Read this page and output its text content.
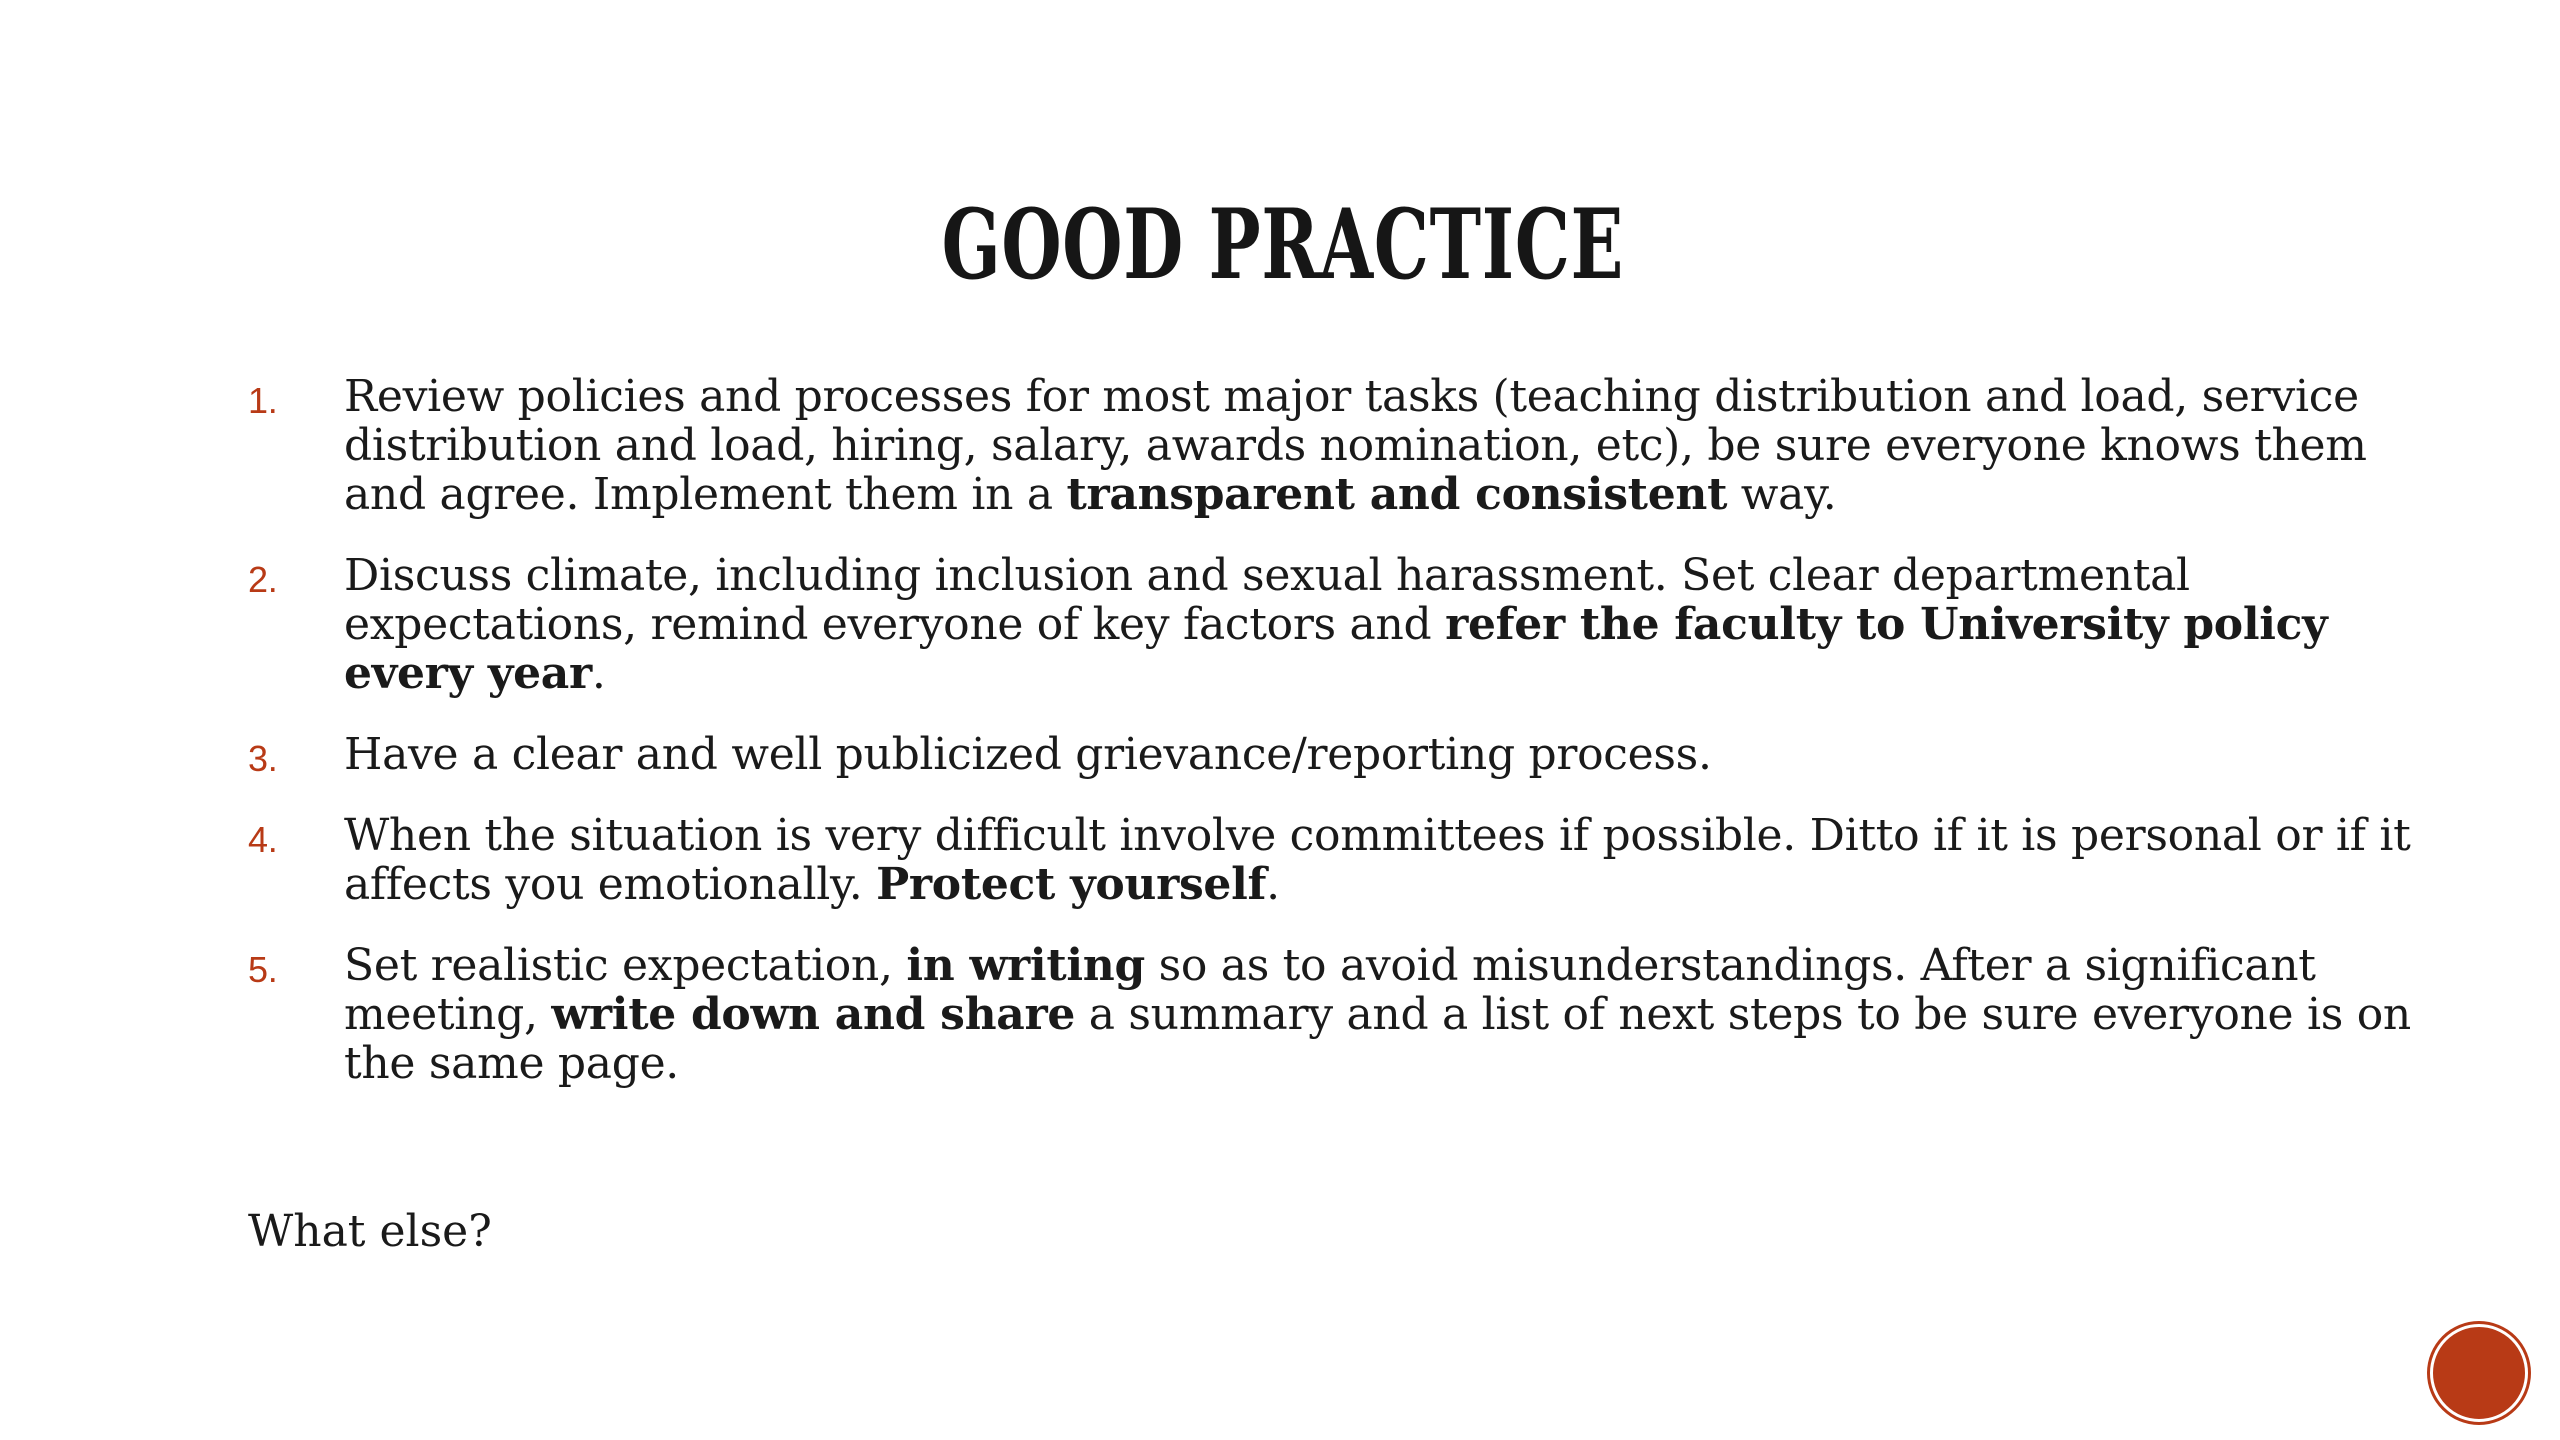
GOOD PRACTICE
1. Review policies and processes for most major tasks (teaching distribution and load, service distribution and load, hiring, salary, awards nomination, etc), be sure everyone knows them and agree. Implement them in a transparent and consistent way.
2. Discuss climate, including inclusion and sexual harassment. Set clear departmental expectations, remind everyone of key factors and refer the faculty to University policy every year.
3. Have a clear and well publicized grievance/reporting process.
4. When the situation is very difficult involve committees if possible. Ditto if it is personal or if it affects you emotionally. Protect yourself.
5. Set realistic expectation, in writing so as to avoid misunderstandings. After a significant meeting, write down and share a summary and a list of next steps to be sure everyone is on the same page.
What else?
